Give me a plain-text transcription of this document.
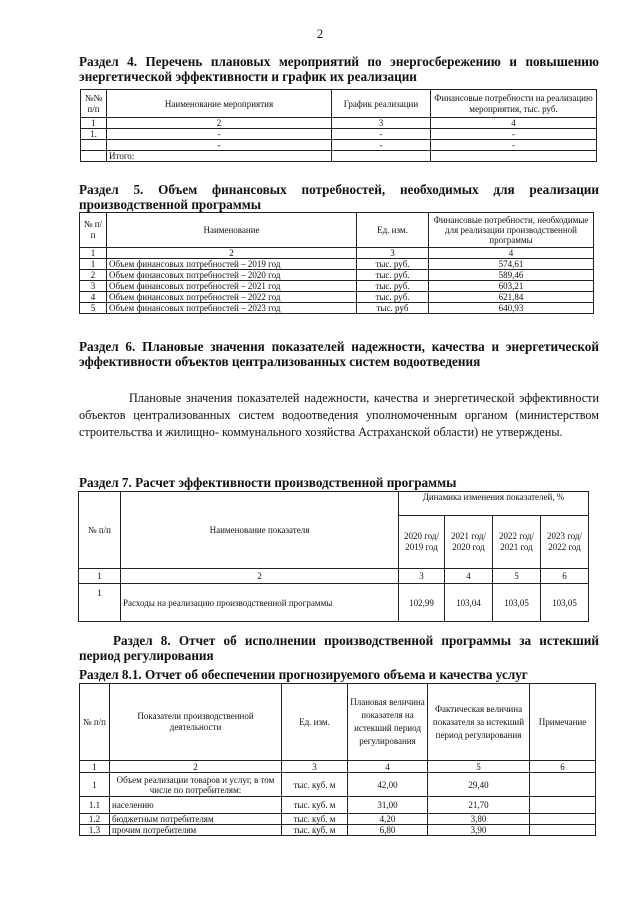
2
Раздел 4. Перечень плановых мероприятий по энергосбережению и повышению энергетической эффективности и график их реализации
№№ п/п	Наименование мероприятия	График реализации	Финансовые потребности на реализацию мероприятия, тыс. руб.
1	2	3	4
1.	-	-	-
	-	-	-
	Итого:		
Раздел 5. Объем финансовых потребностей, необходимых для реализации производственной программы
№ п/п	Наименование	Ед. изм.	Финансовые потребности, необходимые для реализации производственной программы
1	2	3	4
1	Объем финансовых потребностей – 2019 год	тыс. руб.	574,61
2	Объем финансовых потребностей – 2020 год	тыс. руб.	589,46
3	Объем финансовых потребностей – 2021 год	тыс. руб.	603,21
4	Объем финансовых потребностей – 2022 год	тыс. руб.	621,84
5	Объем финансовых потребностей – 2023 год	тыс. руб	640,93
Раздел 6. Плановые значения показателей надежности, качества и энергетической эффективности объектов централизованных систем водоотведения
Плановые значения показателей надежности, качества и энергетической эффективности объектов централизованных систем водоотведения уполномоченным органом (министерством строительства и жилищно- коммунального хозяйства Астраханской области) не утверждены.
Раздел 7. Расчет эффективности производственной программы
№ п/п	Наименование показателя	Динамика изменения показателей, %			
		2020 год/ 2019 год	2021 год/ 2020 год	2022 год/ 2021 год	2023 год/ 2022 год
1	2	3	4	5	6
1	Расходы на реализацию производственной программы	102,99	103,04	103,05	103,05
Раздел 8. Отчет об исполнении производственной программы за истекший период регулирования
Раздел 8.1. Отчет об обеспечении прогнозируемого объема и качества услуг
№ п/п	Показатели производственной деятельности	Ед. изм.	Плановая величина показателя на истекший период регулирования	Фактическая величина показателя за истекший период регулирования	Примечание
1	2	3	4	5	6
1	Объем реализации товаров и услуг, в том числе по потребителям:	тыс. куб. м	42,00	29,40	
1.1	населению	тыс. куб. м	31,00	21,70	
1.2	бюджетным потребителям	тыс. куб. м	4,20	3,80	
1.3	прочим потребителям	тыс. куб. м	6,80	3,90	
